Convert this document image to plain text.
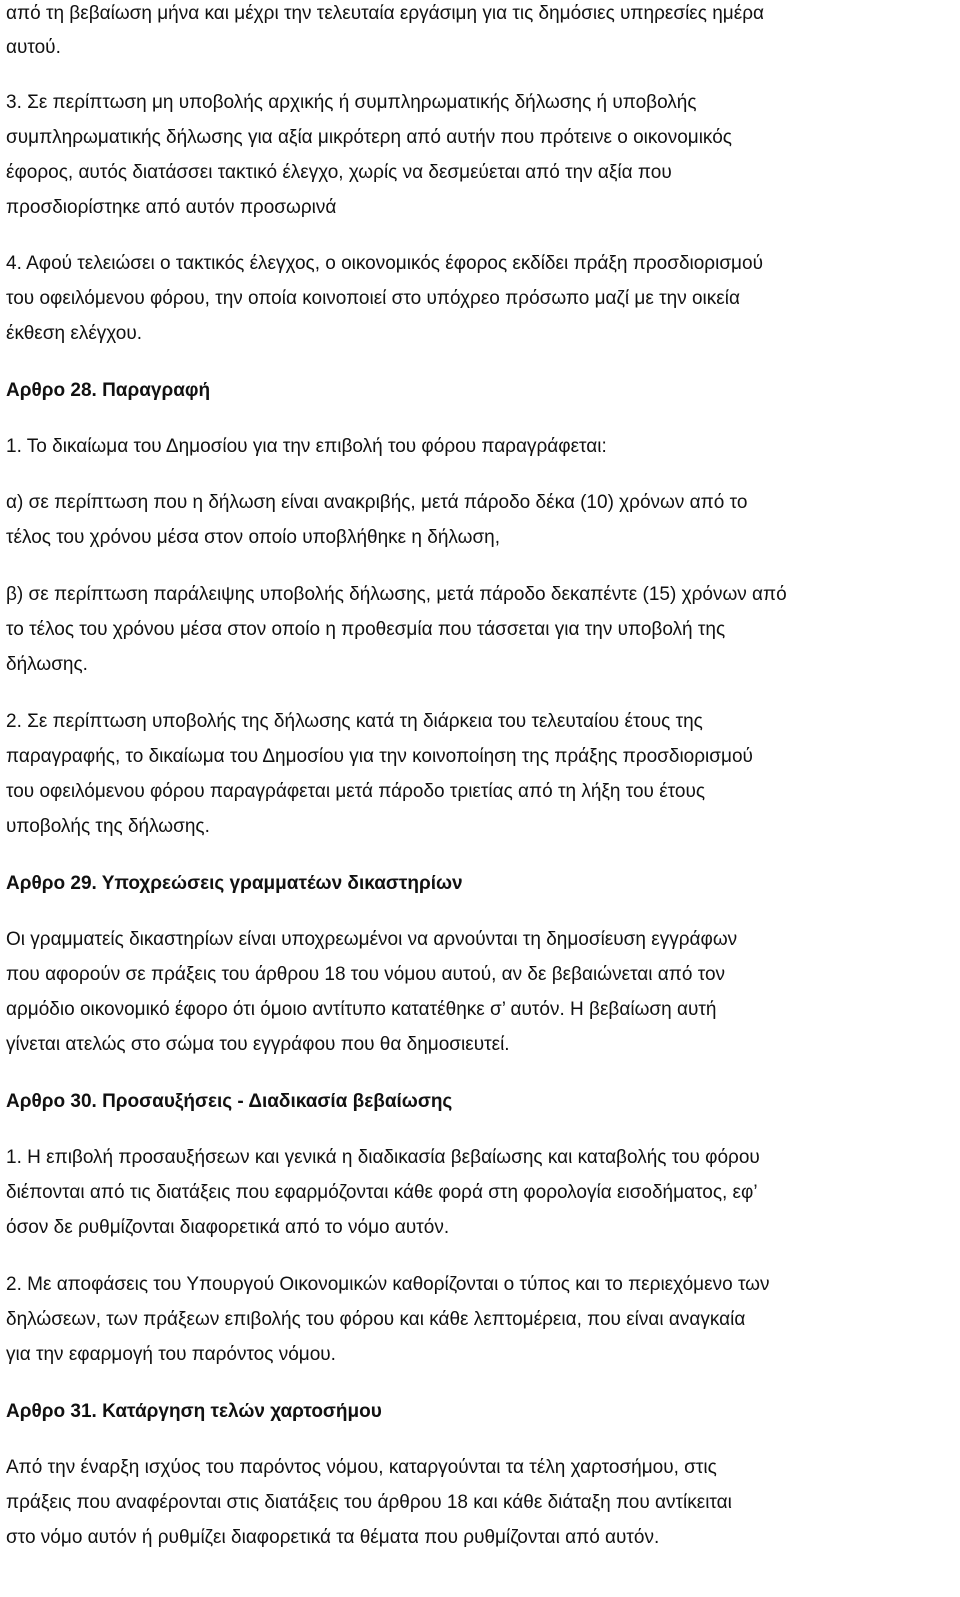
από τη βεβαίωση μήνα και μέχρι την τελευταία εργάσιμη για τις δημόσιες υπηρεσίες ημέρα
αυτού.
3. Σε περίπτωση μη υποβολής αρχικής ή συμπληρωματικής δήλωσης ή υποβολής
συμπληρωματικής δήλωσης για αξία μικρότερη από αυτήν που πρότεινε ο οικονομικός
έφορος, αυτός διατάσσει τακτικό έλεγχο, χωρίς να δεσμεύεται από την αξία που
προσδιορίστηκε από αυτόν προσωρινά
4. Αφού τελειώσει ο τακτικός έλεγχος, ο οικονομικός έφορος εκδίδει πράξη προσδιορισμού
του οφειλόμενου φόρου, την οποία κοινοποιεί στο υπόχρεο πρόσωπο μαζί με την οικεία
έκθεση ελέγχου.
Αρθρο 28. Παραγραφή
1. Το δικαίωμα του Δημοσίου για την επιβολή του φόρου παραγράφεται:
α) σε περίπτωση που η δήλωση είναι ανακριβής, μετά πάροδο δέκα (10) χρόνων από το
τέλος του χρόνου μέσα στον οποίο υποβλήθηκε η δήλωση,
β) σε περίπτωση παράλειψης υποβολής δήλωσης, μετά πάροδο δεκαπέντε (15) χρόνων από
το τέλος του χρόνου μέσα στον οποίο η προθεσμία που τάσσεται για την υποβολή της
δήλωσης.
2. Σε περίπτωση υποβολής της δήλωσης κατά τη διάρκεια του τελευταίου έτους της
παραγραφής, το δικαίωμα του Δημοσίου για την κοινοποίηση της πράξης προσδιορισμού
του οφειλόμενου φόρου παραγράφεται μετά πάροδο τριετίας από τη λήξη του έτους
υποβολής της δήλωσης.
Αρθρο 29. Υποχρεώσεις γραμματέων δικαστηρίων
Οι γραμματείς δικαστηρίων είναι υποχρεωμένοι να αρνούνται τη δημοσίευση εγγράφων
που αφορούν σε πράξεις του άρθρου 18 του νόμου αυτού, αν δε βεβαιώνεται από τον
αρμόδιο οικονομικό έφορο ότι όμοιο αντίτυπο κατατέθηκε σ’ αυτόν. Η βεβαίωση αυτή
γίνεται ατελώς στο σώμα του εγγράφου που θα δημοσιευτεί.
Αρθρο 30. Προσαυξήσεις - Διαδικασία βεβαίωσης
1. Η επιβολή προσαυξήσεων και γενικά η διαδικασία βεβαίωσης και καταβολής του φόρου
διέπονται από τις διατάξεις που εφαρμόζονται κάθε φορά στη φορολογία εισοδήματος, εφ’
όσον δε ρυθμίζονται διαφορετικά από το νόμο αυτόν.
2. Με αποφάσεις του Υπουργού Οικονομικών καθορίζονται ο τύπος και το περιεχόμενο των
δηλώσεων, των πράξεων επιβολής του φόρου και κάθε λεπτομέρεια, που είναι αναγκαία
για την εφαρμογή του παρόντος νόμου.
Αρθρο 31. Κατάργηση τελών χαρτοσήμου
Από την έναρξη ισχύος του παρόντος νόμου, καταργούνται τα τέλη χαρτοσήμου, στις
πράξεις που αναφέρονται στις διατάξεις του άρθρου 18 και κάθε διάταξη που αντίκειται
στο νόμο αυτόν ή ρυθμίζει διαφορετικά τα θέματα που ρυθμίζονται από αυτόν.
